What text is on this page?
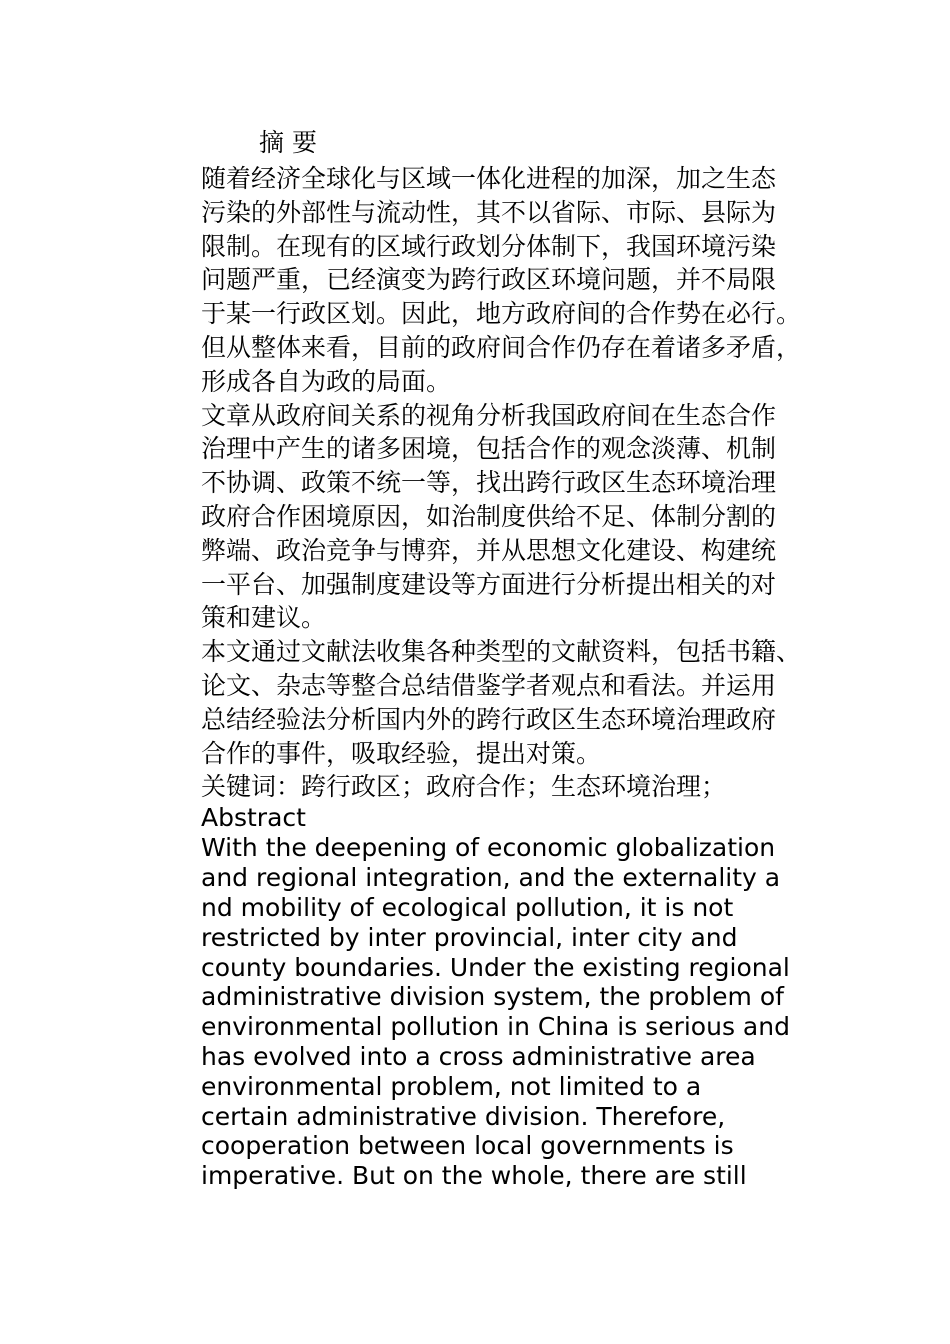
摘 要

随着经济全球化与区域一体化进程的加深，加之生态
污染的外部性与流动性，其不以省际、市际、县际为
限制。在现有的区域行政划分体制下，我国环境污染
问题严重，已经演变为跨行政区环境问题，并不局限
于某一行政区划。因此，地方政府间的合作势在必行。
但从整体来看，目前的政府间合作仍存在着诸多矛盾，
形成各自为政的局面。

文章从政府间关系的视角分析我国政府间在生态合作
治理中产生的诸多困境，包括合作的观念淡薄、机制
不协调、政策不统一等，找出跨行政区生态环境治理
政府合作困境原因，如治制度供给不足、体制分割的
弊端、政治竞争与博弈，并从思想文化建设、构建统
一平台、加强制度建设等方面进行分析提出相关的对
策和建议。

本文通过文献法收集各种类型的文献资料，包括书籍、
论文、杂志等整合总结借鉴学者观点和看法。并运用
总结经验法分析国内外的跨行政区生态环境治理政府
合作的事件，吸取经验，提出对策。

关键词：跨行政区；政府合作；生态环境治理；

Abstract

With the deepening of economic globalization
and regional integration, and the externality a
nd mobility of ecological pollution, it is not
restricted by inter provincial, inter city and
county boundaries. Under the existing regional
administrative division system, the problem of
environmental pollution in China is serious and
has evolved into a cross administrative area
environmental problem, not limited to a
certain administrative division. Therefore,
cooperation between local governments is
imperative. But on the whole, there are still
